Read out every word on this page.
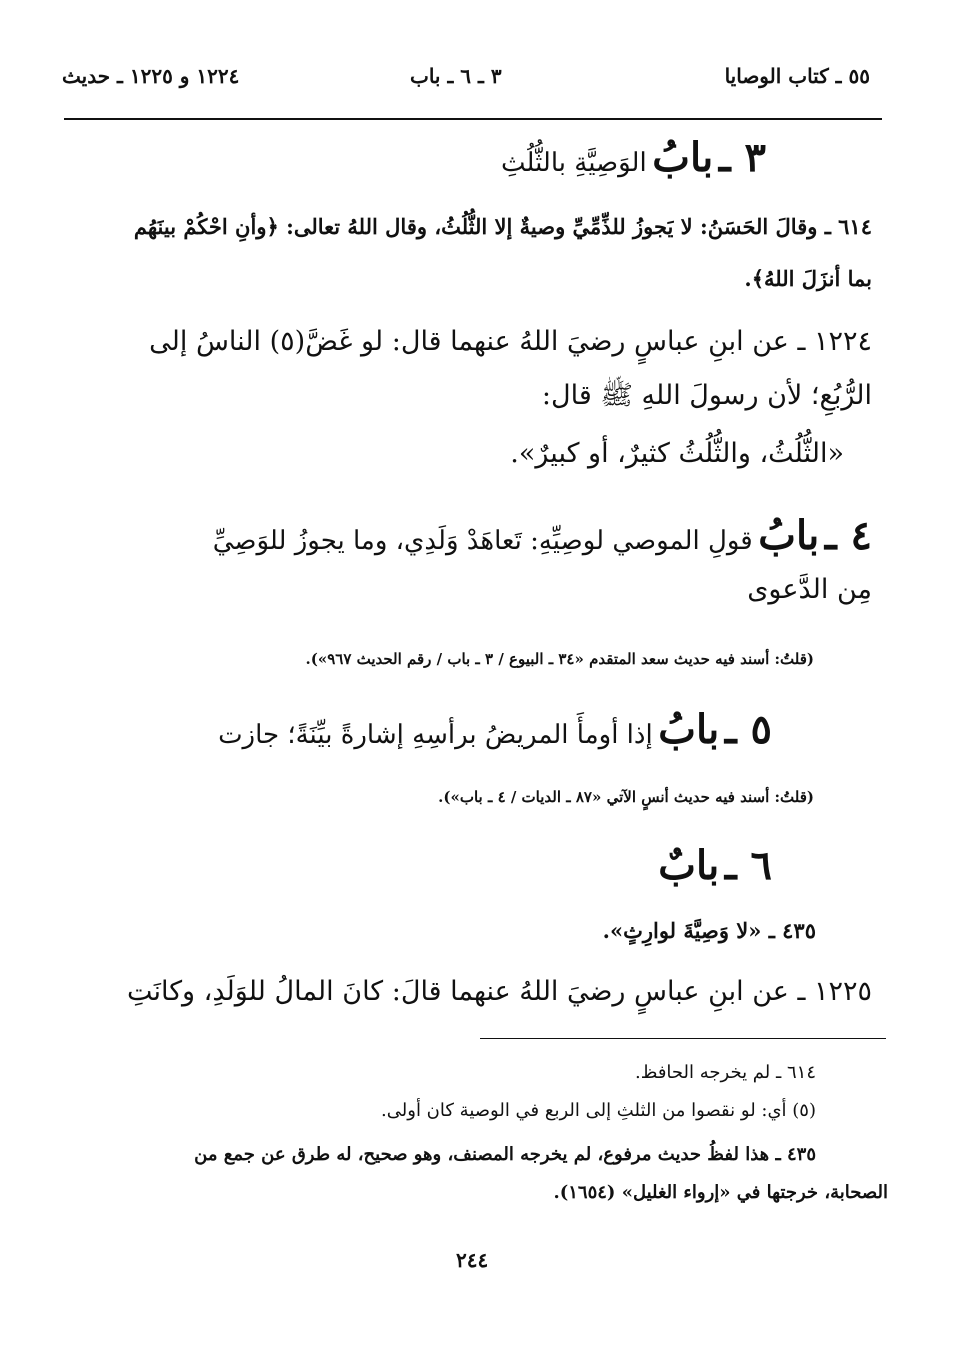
٥٥ ـ كتاب الوصايا
٣ ـ ٦ ـ باب
١٢٢٤ و ١٢٢٥ ـ حديث
٣ ـ بابُ الوَصِيَّةِ بالثُّلُثِ
٦١٤ ـ وقالَ الحَسَنُ: لا يَجوزُ للذِّمِّيِّ وصيةٌ إلا الثُّلُثُ، وقال اللهُ تعالى: ﴿وأنِ احْكُمْ بينَهُم
بما أنزَلَ اللهُ﴾.
١٢٢٤ ـ عن ابنِ عباسٍ رضيَ اللهُ عنهما قال: لو غَضَّ(٥) الناسُ إلى
الرُّبُعِ؛ لأن رسولَ اللهِ ﷺ قال:
«الثُّلُثُ، والثُّلُثُ كثيرٌ، أو كبيرٌ».
٤ ـ بابُ قولِ الموصي لوصِيِّهِ: تَعاهَدْ وَلَدِي، وما يجوزُ للوَصِيِّ
مِن الدَّعوى
(قلتُ: أسند فيه حديث سعد المتقدم «٣٤ ـ البيوع / ٣ ـ باب / رقم الحديث ٩٦٧»).
٥ ـ بابُ إذا أومأَ المريضُ برأسِهِ إشارةً بيِّنَةً؛ جازت
(قلتُ: أسند فيه حديث أنسٍ الآتي «٨٧ ـ الديات / ٤ ـ باب»).
٦ ـ بابٌ
٤٣٥ ـ «لا وَصِيَّةَ لوارِثٍ».
١٢٢٥ ـ عن ابنِ عباسٍ رضيَ اللهُ عنهما قالَ: كانَ المالُ للوَلَدِ، وكانَتِ
٦١٤ ـ لم يخرجه الحافظ.
(٥) أي: لو نقصوا من الثلثِ إلى الربع في الوصية كان أولى.
٤٣٥ ـ هذا لفظُ حديث مرفوع، لم يخرجه المصنف، وهو صحيح، له طرق عن جمع من
الصحابة، خرجتها في «إرواء الغليل» (١٦٥٤).
٢٤٤
